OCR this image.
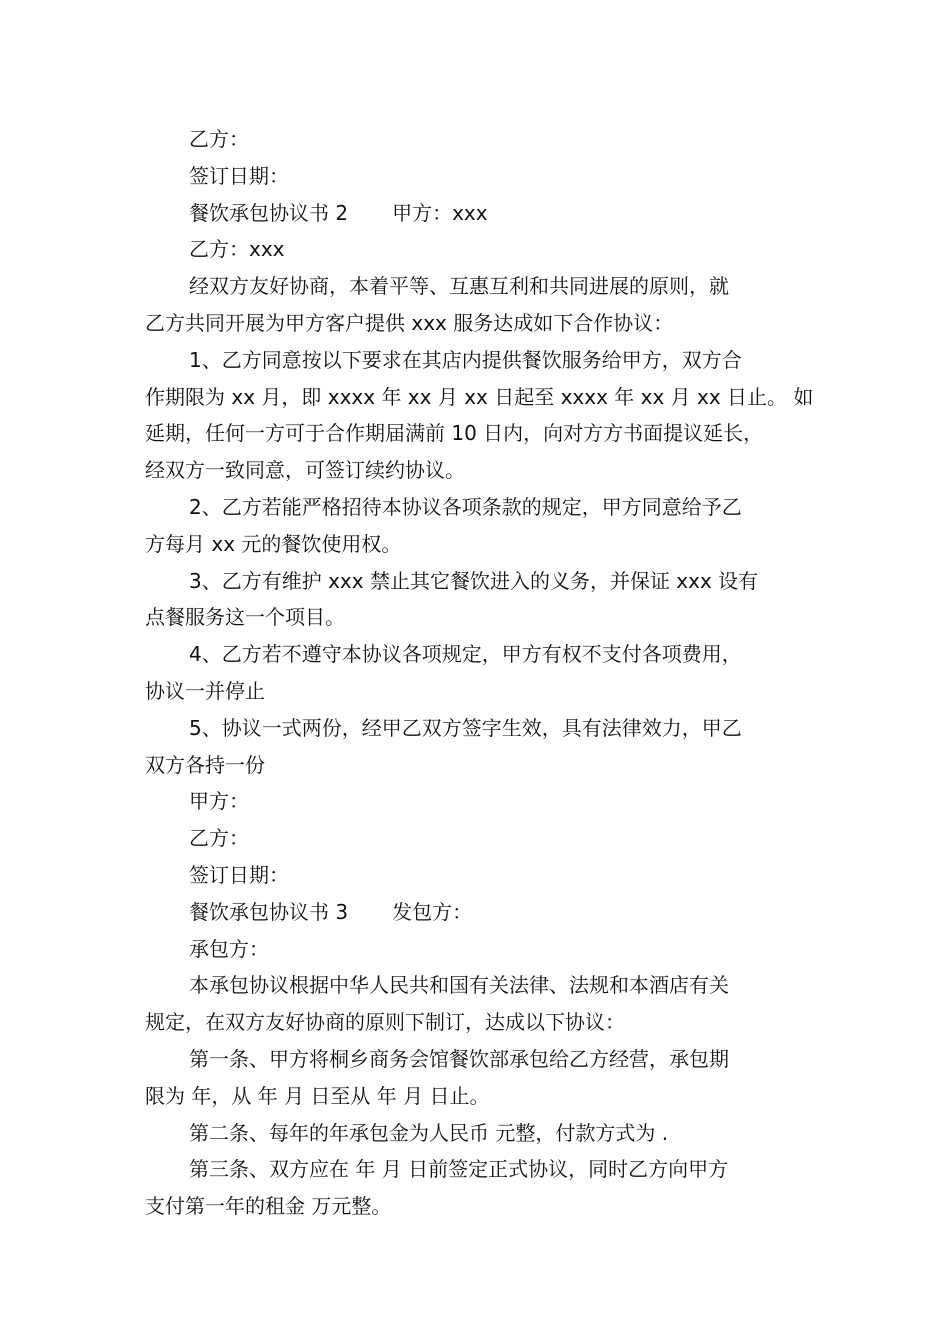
乙方：
签订日期：
餐饮承包协议书 2 甲方：xxx
乙方：xxx
经双方友好协商，本着平等、互惠互利和共同进展的原则，就
乙方共同开展为甲方客户提供 xxx 服务达成如下合作协议：
1、乙方同意按以下要求在其店内提供餐饮服务给甲方，双方合
作期限为 xx 月，即 xxxx 年 xx 月 xx 日起至 xxxx 年 xx 月 xx 日止。 如
延期，任何一方可于合作期届满前 10 日内，向对方方书面提议延长，
经双方一致同意，可签订续约协议。
2、乙方若能严格招待本协议各项条款的规定，甲方同意给予乙
方每月 xx 元的餐饮使用权。
3、乙方有维护 xxx 禁止其它餐饮进入的义务，并保证 xxx 设有
点餐服务这一个项目。
4、乙方若不遵守本协议各项规定，甲方有权不支付各项费用，
协议一并停止
5、协议一式两份，经甲乙双方签字生效，具有法律效力，甲乙
双方各持一份
甲方：
乙方：
签订日期：
餐饮承包协议书 3 发包方：
承包方：
本承包协议根据中华人民共和国有关法律、法规和本酒店有关
规定，在双方友好协商的原则下制订，达成以下协议：
第一条、甲方将桐乡商务会馆餐饮部承包给乙方经营，承包期
限为 年，从 年 月 日至从 年 月 日止。
第二条、每年的年承包金为人民币 元整，付款方式为 .
第三条、双方应在 年 月 日前签定正式协议，同时乙方向甲方
支付第一年的租金 万元整。
